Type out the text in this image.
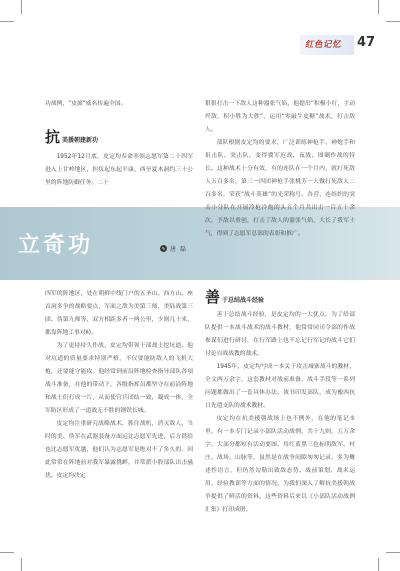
红色记忆 47

功战例，“皮旅”威名传遍全国。

抗 美援朝建新功

1952年12月底，皮定均奉命率领志愿军第二十四军进入上甘岭地区，担负起东起平康、西至夏木洞约三十公里的阵地防御任务。二十

立奇功	✎ 唐 磊

四军的阵地区，处在朝鲜中线门户的五圣山、西方山、座首洞多争的战略要点，军面之敌为美第三师、美陆战第三团、伪第九师等，双方相距多者一两公里，少则几十米，都靠阵地工事对峙。

为了更持持久作战，皮定均带领干部战士挖坑道，他对坑道的质量要求特别严格，不仅要能防敌人的飞机大炮，还要能守能攻。他经常到前沿阵地检查指导部队各项战斗准备，在他的带动下，各级指挥员都坚守在前沿阵地和战士们打成一片，从而使官兵团结一致，凝成一体，全军防区形成了一道战无不胜的钢铁长城。

皮定均注重研究战略战术，抓住战机，消灭敌人。当时的美、伪军在武器装备方面远比志愿军先进，后方供给也比志愿军优越，他们认为志愿军是绝对不了多久的，因此常常在阵地前对我军暴露挑衅，并常派小股部队出击骚扰。皮定均决定

狠狠打击一下敌人这种嚣张气焰，他提出“积极小打，主动歼敌，积小胜为大胜”，运用“零敲牛皮糖”战术，打击敌人。

部队根据皮定均的要求，广泛训练神枪手、神炮手和狙击队、突击队，变得冀军迟战、夜战、图剿作战的特长。这种战术十分有效，有的连队在一个月内，就打死敌人五百多名，第三一四团神枪手张桃芳一人做打死敌人二百多名，荣获“战斗英雄”的光荣称号。各营、连组织的突击小分队在开展冷枪冷炮的头五个月共出击一百五十余次，予敌以重创，打击了敌人的嚣张气焰，大长了我军士气，得到了志愿军总部的表彰和推广。

善 于总结战斗经验

善于总结战斗经验，是皮定均的一大优点。为了给部队提供一本战斗战术的战斗教材，他常常同司令部的作战参谋们进行研讨，在行军路上也不忘记行军记的战斗它们讨论自战战教的战术。

1945年，皮定均写成一本关于攻击城寨战斗的教材，全文两万余字，这套教材对战前准备、战斗手段等一系列问题都做出了一套具体办法。该书印发部队，成为豫西抗日先遣支队的战术教材。

皮定均在抗美援朝战场上也不例外，在他的笔记本里，有一本专门记录小部队活动战例，共十九则，五万余字，大部分都短有活动要图，用红蓝黑三色标明敌军、村庄、战场、山脉等。虽然是在战争间隙匆匆记录，多为概述性语言，但仍然勾勒出致敌态势、战前策划、战术运用、经验教训等方面的情况，为我们深入了解抗美援朝战争提供了鲜活的资料。这些资料后来以《小部队活动战例汇集》打印成册。
